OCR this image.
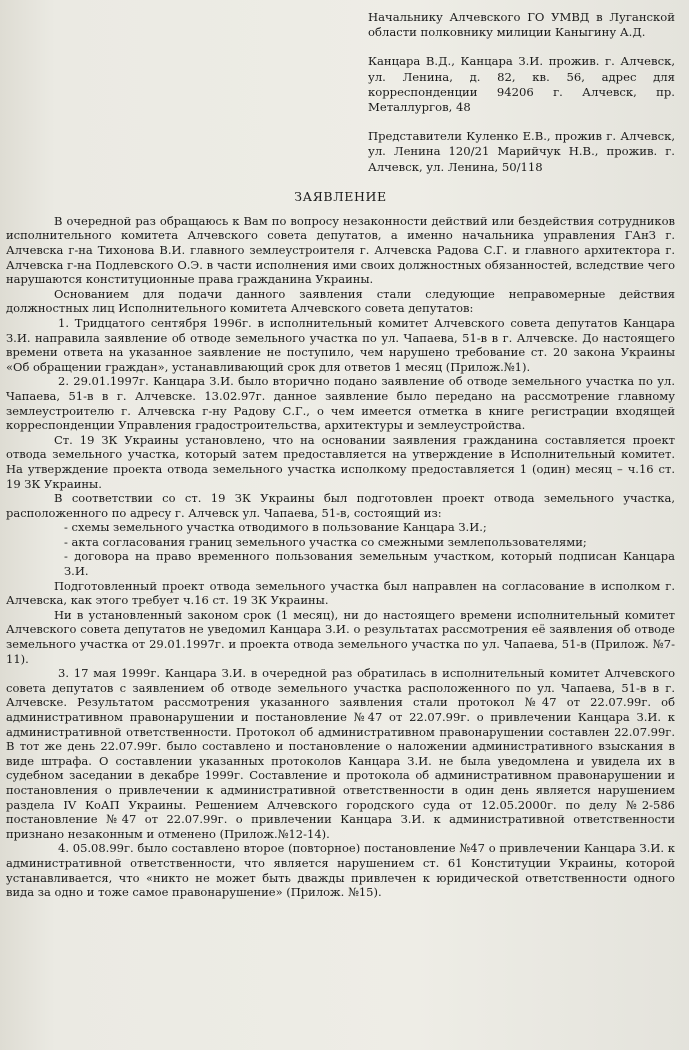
Начальнику Алчевского ГО УМВД в Луганской области полковнику милиции Каныгину А.Д.

Канцара В.Д., Канцара З.И. прожив. г. Алчевск, ул. Ленина, д. 82, кв. 56, адрес для корреспонденции 94206 г. Алчевск, пр. Металлургов, 48

Представители Куленко Е.В., прожив г. Алчевск, ул. Ленина 120/21 Марийчук Н.В., прожив. г. Алчевск, ул. Ленина, 50/118

ЗАЯВЛЕНИЕ

В очередной раз обращаюсь к Вам по вопросу незаконности действий или бездействия сотрудников исполнительного комитета Алчевского совета депутатов, а именно начальника управления ГАнЗ г. Алчевска г-на Тихонова В.И. главного землеустроителя г. Алчевска Радова С.Г. и главного архитектора г. Алчевска г-на Подлевского О.Э. в части исполнения ими своих должностных обязанностей, вследствие чего нарушаются конституционные права гражданина Украины.

Основанием для подачи данного заявления стали следующие неправомерные действия должностных лиц Исполнительного комитета Алчевского совета депутатов:

1. Тридцатого сентября 1996г. в исполнительный комитет Алчевского совета депутатов Канцара З.И. направила заявление об отводе земельного участка по ул. Чапаева, 51-в в г. Алчевске. До настоящего времени ответа на указанное заявление не поступило, чем нарушено требование ст. 20 закона Украины «Об обращении граждан», устанавливающий срок для ответов 1 месяц (Прилож.№1).

2. 29.01.1997г. Канцара З.И. было вторично подано заявление об отводе земельного участка по ул. Чапаева, 51-в в г. Алчевске. 13.02.97г. данное заявление было передано на рассмотрение главному землеустроителю г. Алчевска г-ну Радову С.Г., о чем имеется отметка в книге регистрации входящей корреспонденции Управления градостроительства, архитектуры и землеустройства.

Ст. 19 ЗК Украины установлено, что на основании заявления гражданина составляется проект отвода земельного участка, который затем предоставляется на утверждение в Исполнительный комитет. На утверждение проекта отвода земельного участка исполкому предоставляется 1 (один) месяц – ч.16 ст. 19 ЗК Украины.

В соответствии со ст. 19 ЗК Украины был подготовлен проект отвода земельного участка, расположенного по адресу г. Алчевск ул. Чапаева, 51-в, состоящий из:

- схемы земельного участка отводимого в пользование Канцара З.И.;

- акта согласования границ земельного участка со смежными землепользователями;

- договора на право временного пользования земельным участком, который подписан Канцара З.И.

Подготовленный проект отвода земельного участка был направлен на согласование в исполком г. Алчевска, как этого требует ч.16 ст. 19 ЗК Украины.

Ни в установленный законом срок (1 месяц), ни до настоящего времени исполнительный комитет Алчевского совета депутатов не уведомил Канцара З.И. о результатах рассмотрения её заявления об отводе земельного участка от 29.01.1997г. и проекта отвода земельного участка по ул. Чапаева, 51-в (Прилож. №7-11).

3. 17 мая 1999г. Канцара З.И. в очередной раз обратилась в исполнительный комитет Алчевского совета депутатов с заявлением об отводе земельного участка расположенного по ул. Чапаева, 51-в в г. Алчевске. Результатом рассмотрения указанного заявления стали протокол №47 от 22.07.99г. об административном правонарушении и постановление №47 от 22.07.99г. о привлечении Канцара З.И. к административной ответственности. Протокол об административном правонарушении составлен 22.07.99г. В тот же день 22.07.99г. было составлено и постановление о наложении административного взыскания в виде штрафа. О составлении указанных протоколов Канцара З.И. не была уведомлена и увидела их в судебном заседании в декабре 1999г. Составление и протокола об административном правонарушении и постановления о привлечении к административной ответственности в один день является нарушением раздела IV КоАП Украины. Решением Алчевского городского суда от 12.05.2000г. по делу №2-586 постановление №47 от 22.07.99г. о привлечении Канцара З.И. к административной ответственности признано незаконным и отменено (Прилож.№12-14).

4. 05.08.99г. было составлено второе (повторное) постановление №47 о привлечении Канцара З.И. к административной ответственности, что является нарушением ст. 61 Конституции Украины, которой устанавливается, что «никто не может быть дважды привлечен к юридической ответственности одного вида за одно и тоже самое правонарушение» (Прилож. №15).
